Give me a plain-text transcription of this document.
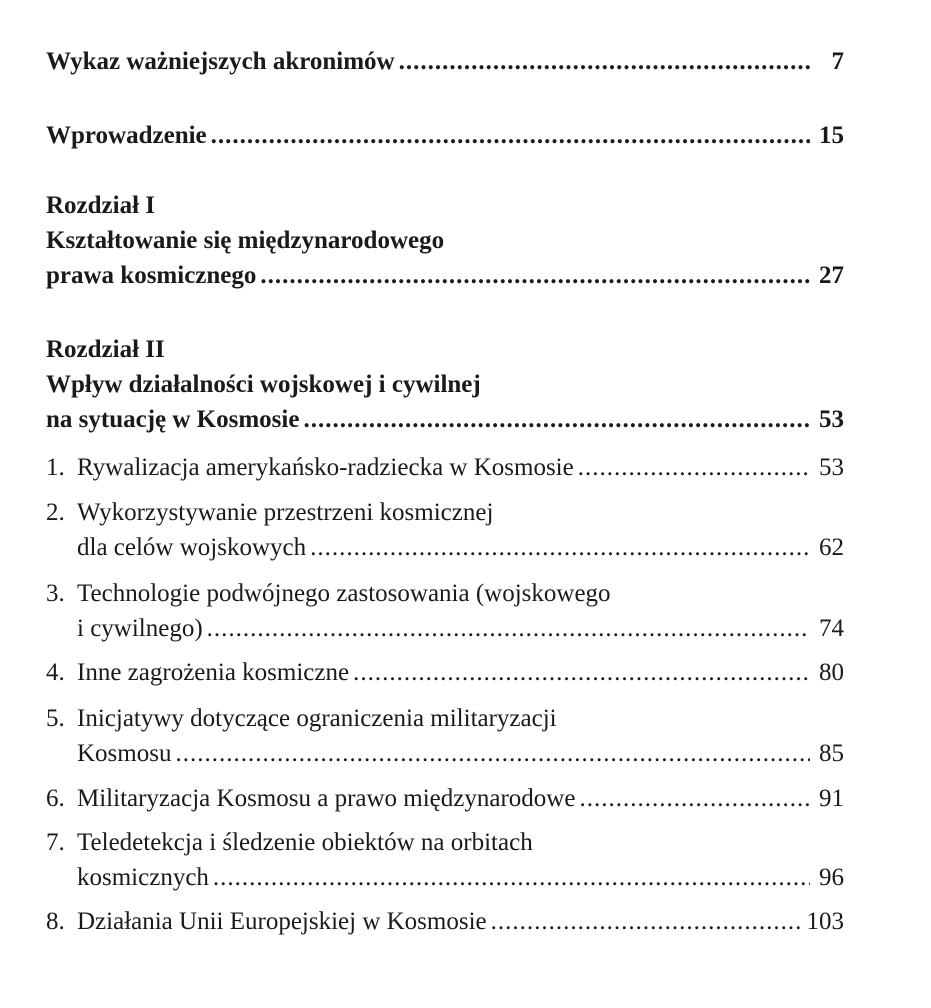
Wykaz ważniejszych akronimów .....	7
Wprowadzenie .....	15
Rozdział I
Kształtowanie się międzynarodowego
prawa kosmicznego .....	27
Rozdział II
Wpływ działalności wojskowej i cywilnej
na sytuację w Kosmosie .....	53
1. Rywalizacja amerykańsko-radziecka w Kosmosie .....	53
2. Wykorzystywanie przestrzeni kosmicznej
dla celów wojskowych .....	62
3. Technologie podwójnego zastosowania (wojskowego
i cywilnego) .....	74
4. Inne zagrożenia kosmiczne .....	80
5. Inicjatywy dotyczące ograniczenia militaryzacji
Kosmosu .....	85
6. Militaryzacja Kosmosu a prawo międzynarodowe .....	91
7. Teledetekcja i śledzenie obiektów na orbitach
kosmicznych .....	96
8. Działania Unii Europejskiej w Kosmosie .....	103
